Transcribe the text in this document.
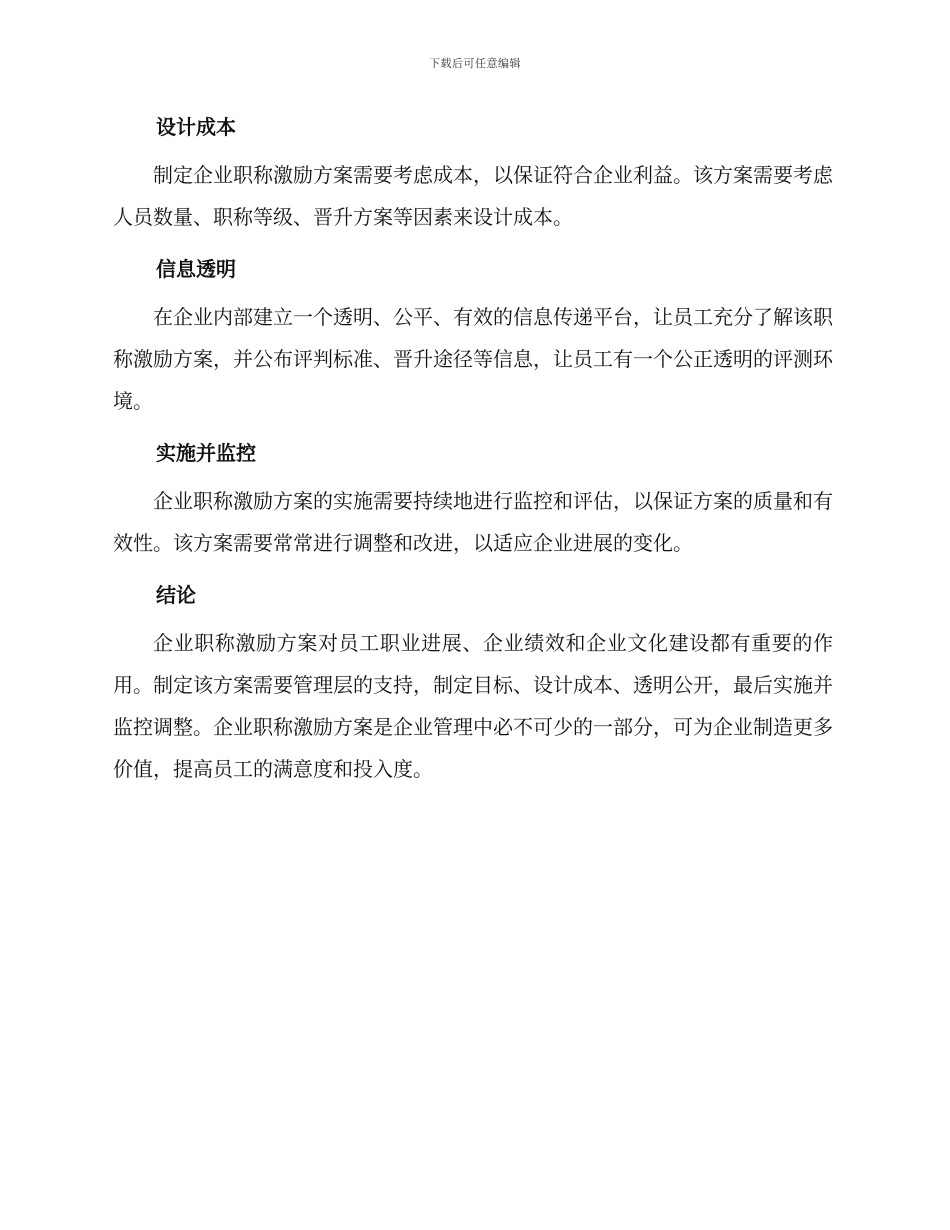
下载后可任意编辑
设计成本

制定企业职称激励方案需要考虑成本，以保证符合企业利益。该方案需要考虑人员数量、职称等级、晋升方案等因素来设计成本。

信息透明

在企业内部建立一个透明、公平、有效的信息传递平台，让员工充分了解该职称激励方案，并公布评判标准、晋升途径等信息，让员工有一个公正透明的评测环境。

实施并监控

企业职称激励方案的实施需要持续地进行监控和评估，以保证方案的质量和有效性。该方案需要常常进行调整和改进，以适应企业进展的变化。

结论

企业职称激励方案对员工职业进展、企业绩效和企业文化建设都有重要的作用。制定该方案需要管理层的支持，制定目标、设计成本、透明公开，最后实施并监控调整。企业职称激励方案是企业管理中必不可少的一部分，可为企业制造更多价值，提高员工的满意度和投入度。
